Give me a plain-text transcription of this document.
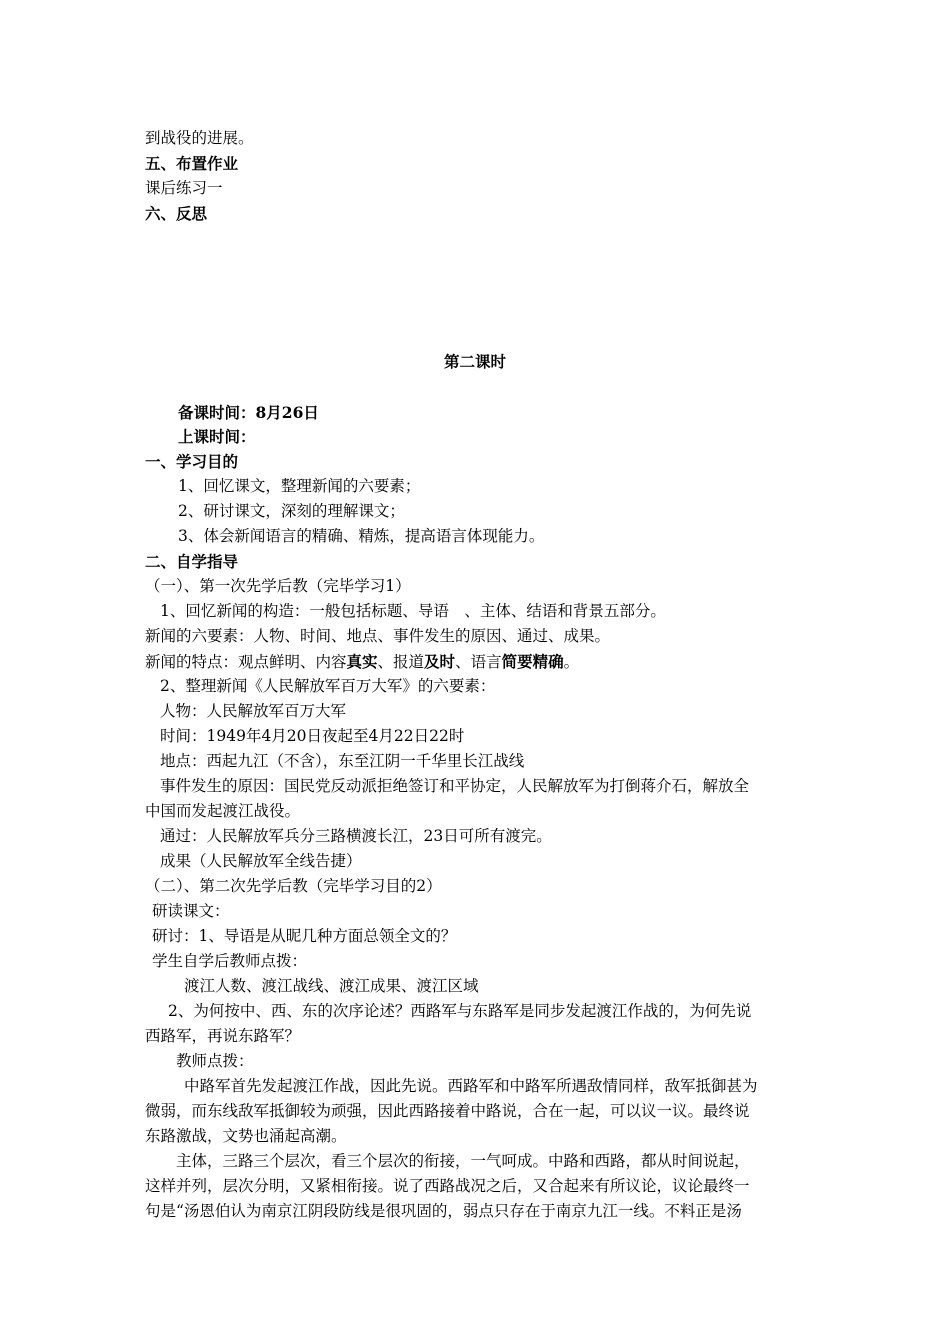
到战役的进展。
五、布置作业
课后练习一
六、反思
第二课时
备课时间：8月26日
上课时间：
一、学习目的
1、回忆课文，整理新闻的六要素；
2、研讨课文，深刻的理解课文；
3、体会新闻语言的精确、精炼，提高语言体现能力。
二、自学指导
（一）、第一次先学后教（完毕学习1）
1、回忆新闻的构造：一般包括标题、导语　、主体、结语和背景五部分。
新闻的六要素：人物、时间、地点、事件发生的原因、通过、成果。
新闻的特点：观点鲜明、内容真实、报道及时、语言简要精确。
2、整理新闻《人民解放军百万大军》的六要素：
人物：人民解放军百万大军
时间：1949年4月20日夜起至4月22日22时
地点：西起九江（不含），东至江阴一千华里长江战线
事件发生的原因：国民党反动派拒绝签订和平协定，人民解放军为打倒蒋介石，解放全
中国而发起渡江战役。
通过：人民解放军兵分三路横渡长江，23日可所有渡完。
成果（人民解放军全线告捷）
（二）、第二次先学后教（完毕学习目的2）
研读课文：
研讨：1、导语是从昵几种方面总领全文的？
学生自学后教师点拨：
渡江人数、渡江战线、渡江成果、渡江区域
2、为何按中、西、东的次序论述？西路军与东路军是同步发起渡江作战的，为何先说
西路军，再说东路军？
教师点拨：
中路军首先发起渡江作战，因此先说。西路军和中路军所遇敌情同样，敌军抵御甚为
微弱，而东线敌军抵御较为顽强，因此西路接着中路说，合在一起，可以议一议。最终说
东路激战，文势也涌起高潮。
主体，三路三个层次，看三个层次的衔接，一气呵成。中路和西路，都从时间说起，
这样并列，层次分明，又紧相衔接。说了西路战况之后，又合起来有所议论，议论最终一
句是“汤恩伯认为南京江阴段防线是很巩固的，弱点只存在于南京九江一线。不料正是汤
